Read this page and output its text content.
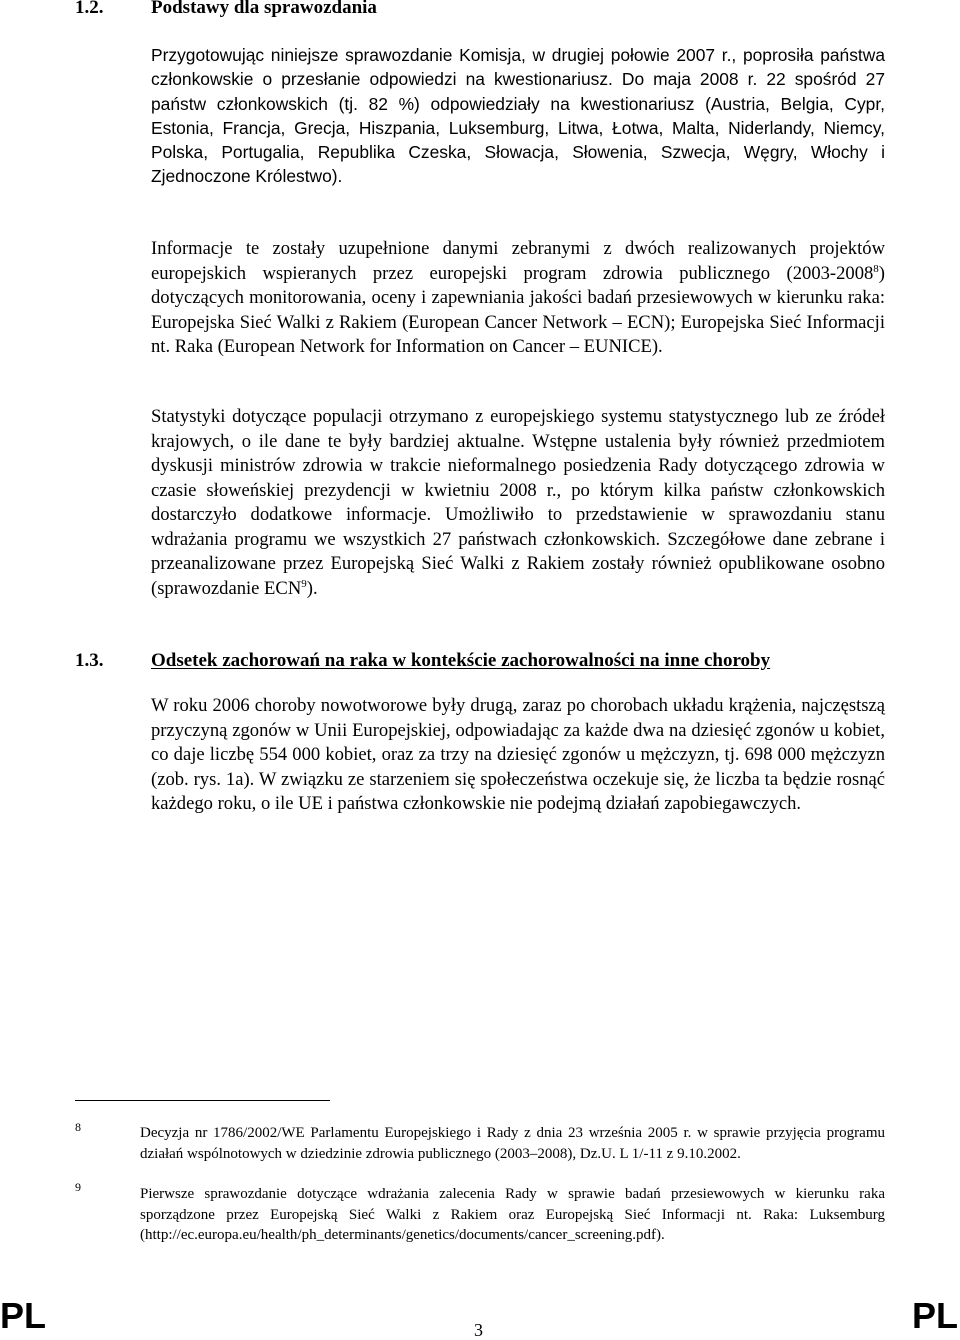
1.2.	Podstawy dla sprawozdania

Przygotowując niniejsze sprawozdanie Komisja, w drugiej połowie 2007 r., poprosiła państwa członkowskie o przesłanie odpowiedzi na kwestionariusz. Do maja 2008 r. 22 spośród 27 państw członkowskich (tj. 82 %) odpowiedziały na kwestionariusz (Austria, Belgia, Cypr, Estonia, Francja, Grecja, Hiszpania, Luksemburg, Litwa, Łotwa, Malta, Niderlandy, Niemcy, Polska, Portugalia, Republika Czeska, Słowacja, Słowenia, Szwecja, Węgry, Włochy i Zjednoczone Królestwo).

Informacje te zostały uzupełnione danymi zebranymi z dwóch realizowanych projektów europejskich wspieranych przez europejski program zdrowia publicznego (2003-2008$^8$) dotyczących monitorowania, oceny i zapewniania jakości badań przesiewowych w kierunku raka: Europejska Sieć Walki z Rakiem (European Cancer Network – ECN); Europejska Sieć Informacji nt. Raka (European Network for Information on Cancer – EUNICE).

Statystyki dotyczące populacji otrzymano z europejskiego systemu statystycznego lub ze źródeł krajowych, o ile dane te były bardziej aktualne. Wstępne ustalenia były również przedmiotem dyskusji ministrów zdrowia w trakcie nieformalnego posiedzenia Rady dotyczącego zdrowia w czasie słoweńskiej prezydencji w kwietniu 2008 r., po którym kilka państw członkowskich dostarczyło dodatkowe informacje. Umożliwiło to przedstawienie w sprawozdaniu stanu wdrażania programu we wszystkich 27 państwach członkowskich. Szczegółowe dane zebrane i przeanalizowane przez Europejską Sieć Walki z Rakiem zostały również opublikowane osobno (sprawozdanie ECN$^9$).

1.3.	Odsetek zachorowań na raka w kontekście zachorowalności na inne choroby

W roku 2006 choroby nowotworowe były drugą, zaraz po chorobach układu krążenia, najczęstszą przyczyną zgonów w Unii Europejskiej, odpowiadając za każde dwa na dziesięć zgonów u kobiet, co daje liczbę 554 000 kobiet, oraz za trzy na dziesięć zgonów u mężczyzn, tj. 698 000 mężczyzn (zob. rys. 1a). W związku ze starzeniem się społeczeństwa oczekuje się, że liczba ta będzie rosnąć każdego roku, o ile UE i państwa członkowskie nie podejmą działań zapobiegawczych.

8	Decyzja nr 1786/2002/WE Parlamentu Europejskiego i Rady z dnia 23 września 2005 r. w sprawie przyjęcia programu działań wspólnotowych w dziedzinie zdrowia publicznego (2003–2008), Dz.U. L 1/-11 z 9.10.2002.

9	Pierwsze sprawozdanie dotyczące wdrażania zalecenia Rady w sprawie badań przesiewowych w kierunku raka sporządzone przez Europejską Sieć Walki z Rakiem oraz Europejską Sieć Informacji nt. Raka: Luksemburg (http://ec.europa.eu/health/ph_determinants/genetics/documents/cancer_screening.pdf).

PL	3	PL
